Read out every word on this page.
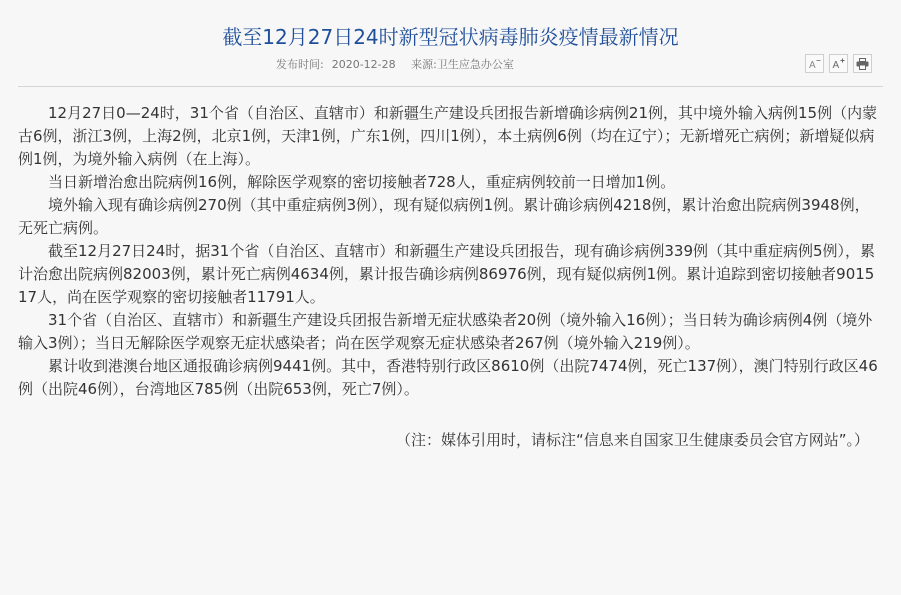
截至12月27日24时新型冠状病毒肺炎疫情最新情况
发布时间: 2020-12-28 来源:卫生应急办公室	A A

12月27日0—24时，31个省（自治区、直辖市）和新疆生产建设兵团报告新增确诊病例21例，其中境外输入病例15例（内蒙古6例，浙江3例，上海2例，北京1例，天津1例，广东1例，四川1例），本土病例6例（均在辽宁）；无新增死亡病例；新增疑似病例1例，为境外输入病例（在上海）。

当日新增治愈出院病例16例，解除医学观察的密切接触者728人，重症病例较前一日增加1例。

境外输入现有确诊病例270例（其中重症病例3例），现有疑似病例1例。累计确诊病例4218例，累计治愈出院病例3948例，无死亡病例。

截至12月27日24时，据31个省（自治区、直辖市）和新疆生产建设兵团报告，现有确诊病例339例（其中重症病例5例），累计治愈出院病例82003例，累计死亡病例4634例，累计报告确诊病例86976例，现有疑似病例1例。累计追踪到密切接触者901517人，尚在医学观察的密切接触者11791人。

31个省（自治区、直辖市）和新疆生产建设兵团报告新增无症状感染者20例（境外输入16例）；当日转为确诊病例4例（境外输入3例）；当日无解除医学观察无症状感染者；尚在医学观察无症状感染者267例（境外输入219例）。

累计收到港澳台地区通报确诊病例9441例。其中，香港特别行政区8610例（出院7474例，死亡137例），澳门特别行政区46例（出院46例），台湾地区785例（出院653例，死亡7例）。

（注：媒体引用时，请标注“信息来自国家卫生健康委员会官方网站”。）
